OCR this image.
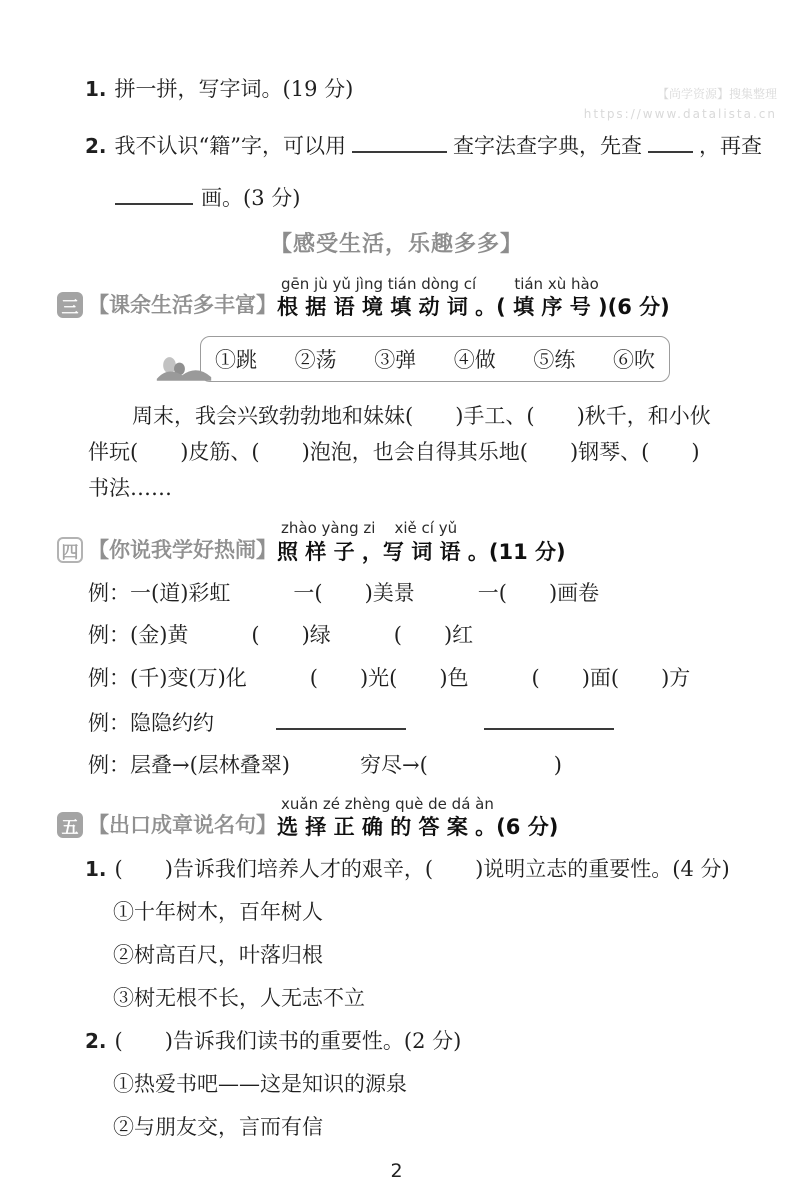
【尚学资源】搜集整理
https://www.datalista.cn
1. 拼一拼，写字词。(19 分)
2. 我不认识“籍”字，可以用	查字法查字典，先查	，再查
画。(3 分)
【感受生活，乐趣多多】
三 【课余生活多丰富】
gēn jù yǔ jìng tián dòng cí        tián xù hào
根 据 语 境 填 动 词 。( 填 序 号 )(6 分)
①跳 ②荡 ③弹 ④做 ⑤练 ⑥吹
周末，我会兴致勃勃地和妹妹(　　)手工、(　　)秋千，和小伙
伴玩(　　)皮筋、(　　)泡泡，也会自得其乐地(　　)钢琴、(　　)
书法……
四 【你说我学好热闹】
zhào yàng zi    xiě cí yǔ
照 样 子 ，写 词 语 。(11 分)
例：一(道)彩虹　　　一(　　)美景　　　一(　　)画卷
例：(金)黄　　　(　　)绿　　　(　　)红
例：(千)变(万)化　　　(　　)光(　　)色　　　(　　)面(　　)方
例：隐隐约约
例：层叠→(层林叠翠)	穷尽→(　　　　　　)
五 【出口成章说名句】
xuǎn zé zhèng què de dá àn
选 择 正 确 的 答 案 。(6 分)
1. (　　)告诉我们培养人才的艰辛，(　　)说明立志的重要性。(4 分)
①十年树木，百年树人
②树高百尺，叶落归根
③树无根不长，人无志不立
2. (　　)告诉我们读书的重要性。(2 分)
①热爱书吧——这是知识的源泉
②与朋友交，言而有信
2
